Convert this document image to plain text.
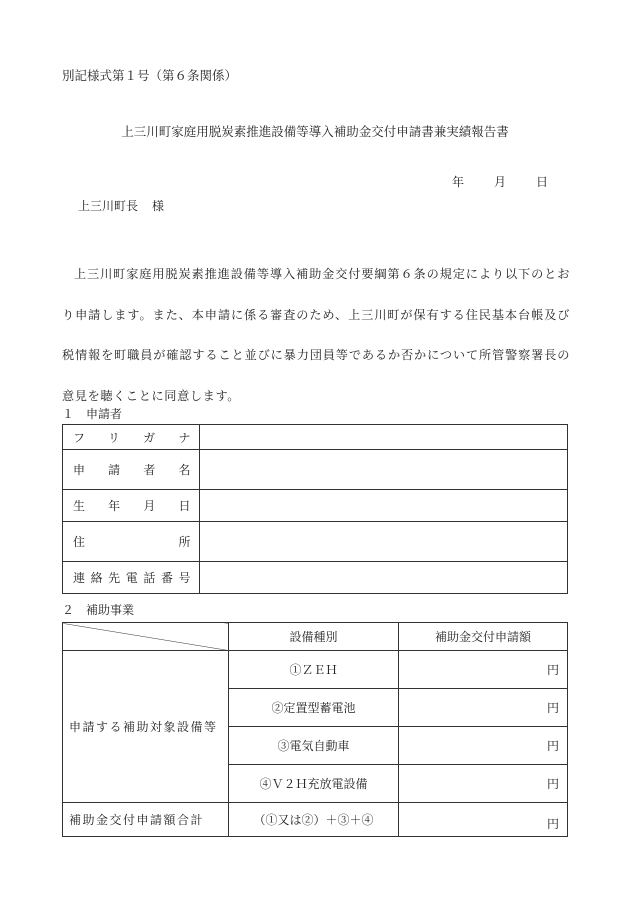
別記様式第１号（第６条関係）
上三川町家庭用脱炭素推進設備等導入補助金交付申請書兼実績報告書
年	月	日
上三川町長 様
上三川町家庭用脱炭素推進設備等導入補助金交付要綱第６条の規定により以下のとおり申請します。また、本申請に係る審査のため、上三川町が保有する住民基本台帳及び税情報を町職員が確認すること並びに暴力団員等であるか否かについて所管警察署長の意見を聴くことに同意します。
１　申請者
フリガナ	
申請者名	
生年月日	
住所	
連絡先電話番号	
２　補助事業
	設備種別	補助金交付申請額
申請する補助対象設備等	①ＺＥＨ	円
	②定置型蓄電池	円
	③電気自動車	円
	④Ｖ２Ｈ充放電設備	円
補助金交付申請額合計	（①又は②）＋③＋④	円
